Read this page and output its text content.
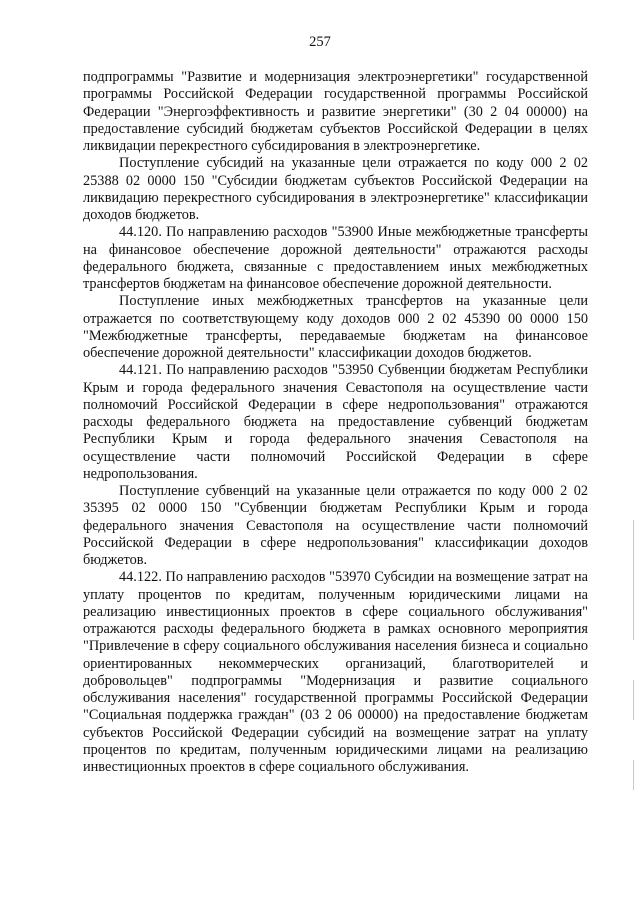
257

подпрограммы "Развитие и модернизация электроэнергетики" государственной программы Российской Федерации государственной программы Российской Федерации "Энергоэффективность и развитие энергетики" (30 2 04 00000) на предоставление субсидий бюджетам субъектов Российской Федерации в целях ликвидации перекрестного субсидирования в электроэнергетике.

Поступление субсидий на указанные цели отражается по коду 000 2 02 25388 02 0000 150 "Субсидии бюджетам субъектов Российской Федерации на ликвидацию перекрестного субсидирования в электроэнергетике" классификации доходов бюджетов.

44.120. По направлению расходов "53900 Иные межбюджетные трансферты на финансовое обеспечение дорожной деятельности" отражаются расходы федерального бюджета, связанные с предоставлением иных межбюджетных трансфертов бюджетам на финансовое обеспечение дорожной деятельности.

Поступление иных межбюджетных трансфертов на указанные цели отражается по соответствующему коду доходов 000 2 02 45390 00 0000 150 "Межбюджетные трансферты, передаваемые бюджетам на финансовое обеспечение дорожной деятельности" классификации доходов бюджетов.

44.121. По направлению расходов "53950 Субвенции бюджетам Республики Крым и города федерального значения Севастополя на осуществление части полномочий Российской Федерации в сфере недропользования" отражаются расходы федерального бюджета на предоставление субвенций бюджетам Республики Крым и города федерального значения Севастополя на осуществление части полномочий Российской Федерации в сфере недропользования.

Поступление субвенций на указанные цели отражается по коду 000 2 02 35395 02 0000 150 "Субвенции бюджетам Республики Крым и города федерального значения Севастополя на осуществление части полномочий Российской Федерации в сфере недропользования" классификации доходов бюджетов.

44.122. По направлению расходов "53970 Субсидии на возмещение затрат на уплату процентов по кредитам, полученным юридическими лицами на реализацию инвестиционных проектов в сфере социального обслуживания" отражаются расходы федерального бюджета в рамках основного мероприятия "Привлечение в сферу социального обслуживания населения бизнеса и социально ориентированных некоммерческих организаций, благотворителей и добровольцев" подпрограммы "Модернизация и развитие социального обслуживания населения" государственной программы Российской Федерации "Социальная поддержка граждан" (03 2 06 00000) на предоставление бюджетам субъектов Российской Федерации субсидий на возмещение затрат на уплату процентов по кредитам, полученным юридическими лицами на реализацию инвестиционных проектов в сфере социального обслуживания.
